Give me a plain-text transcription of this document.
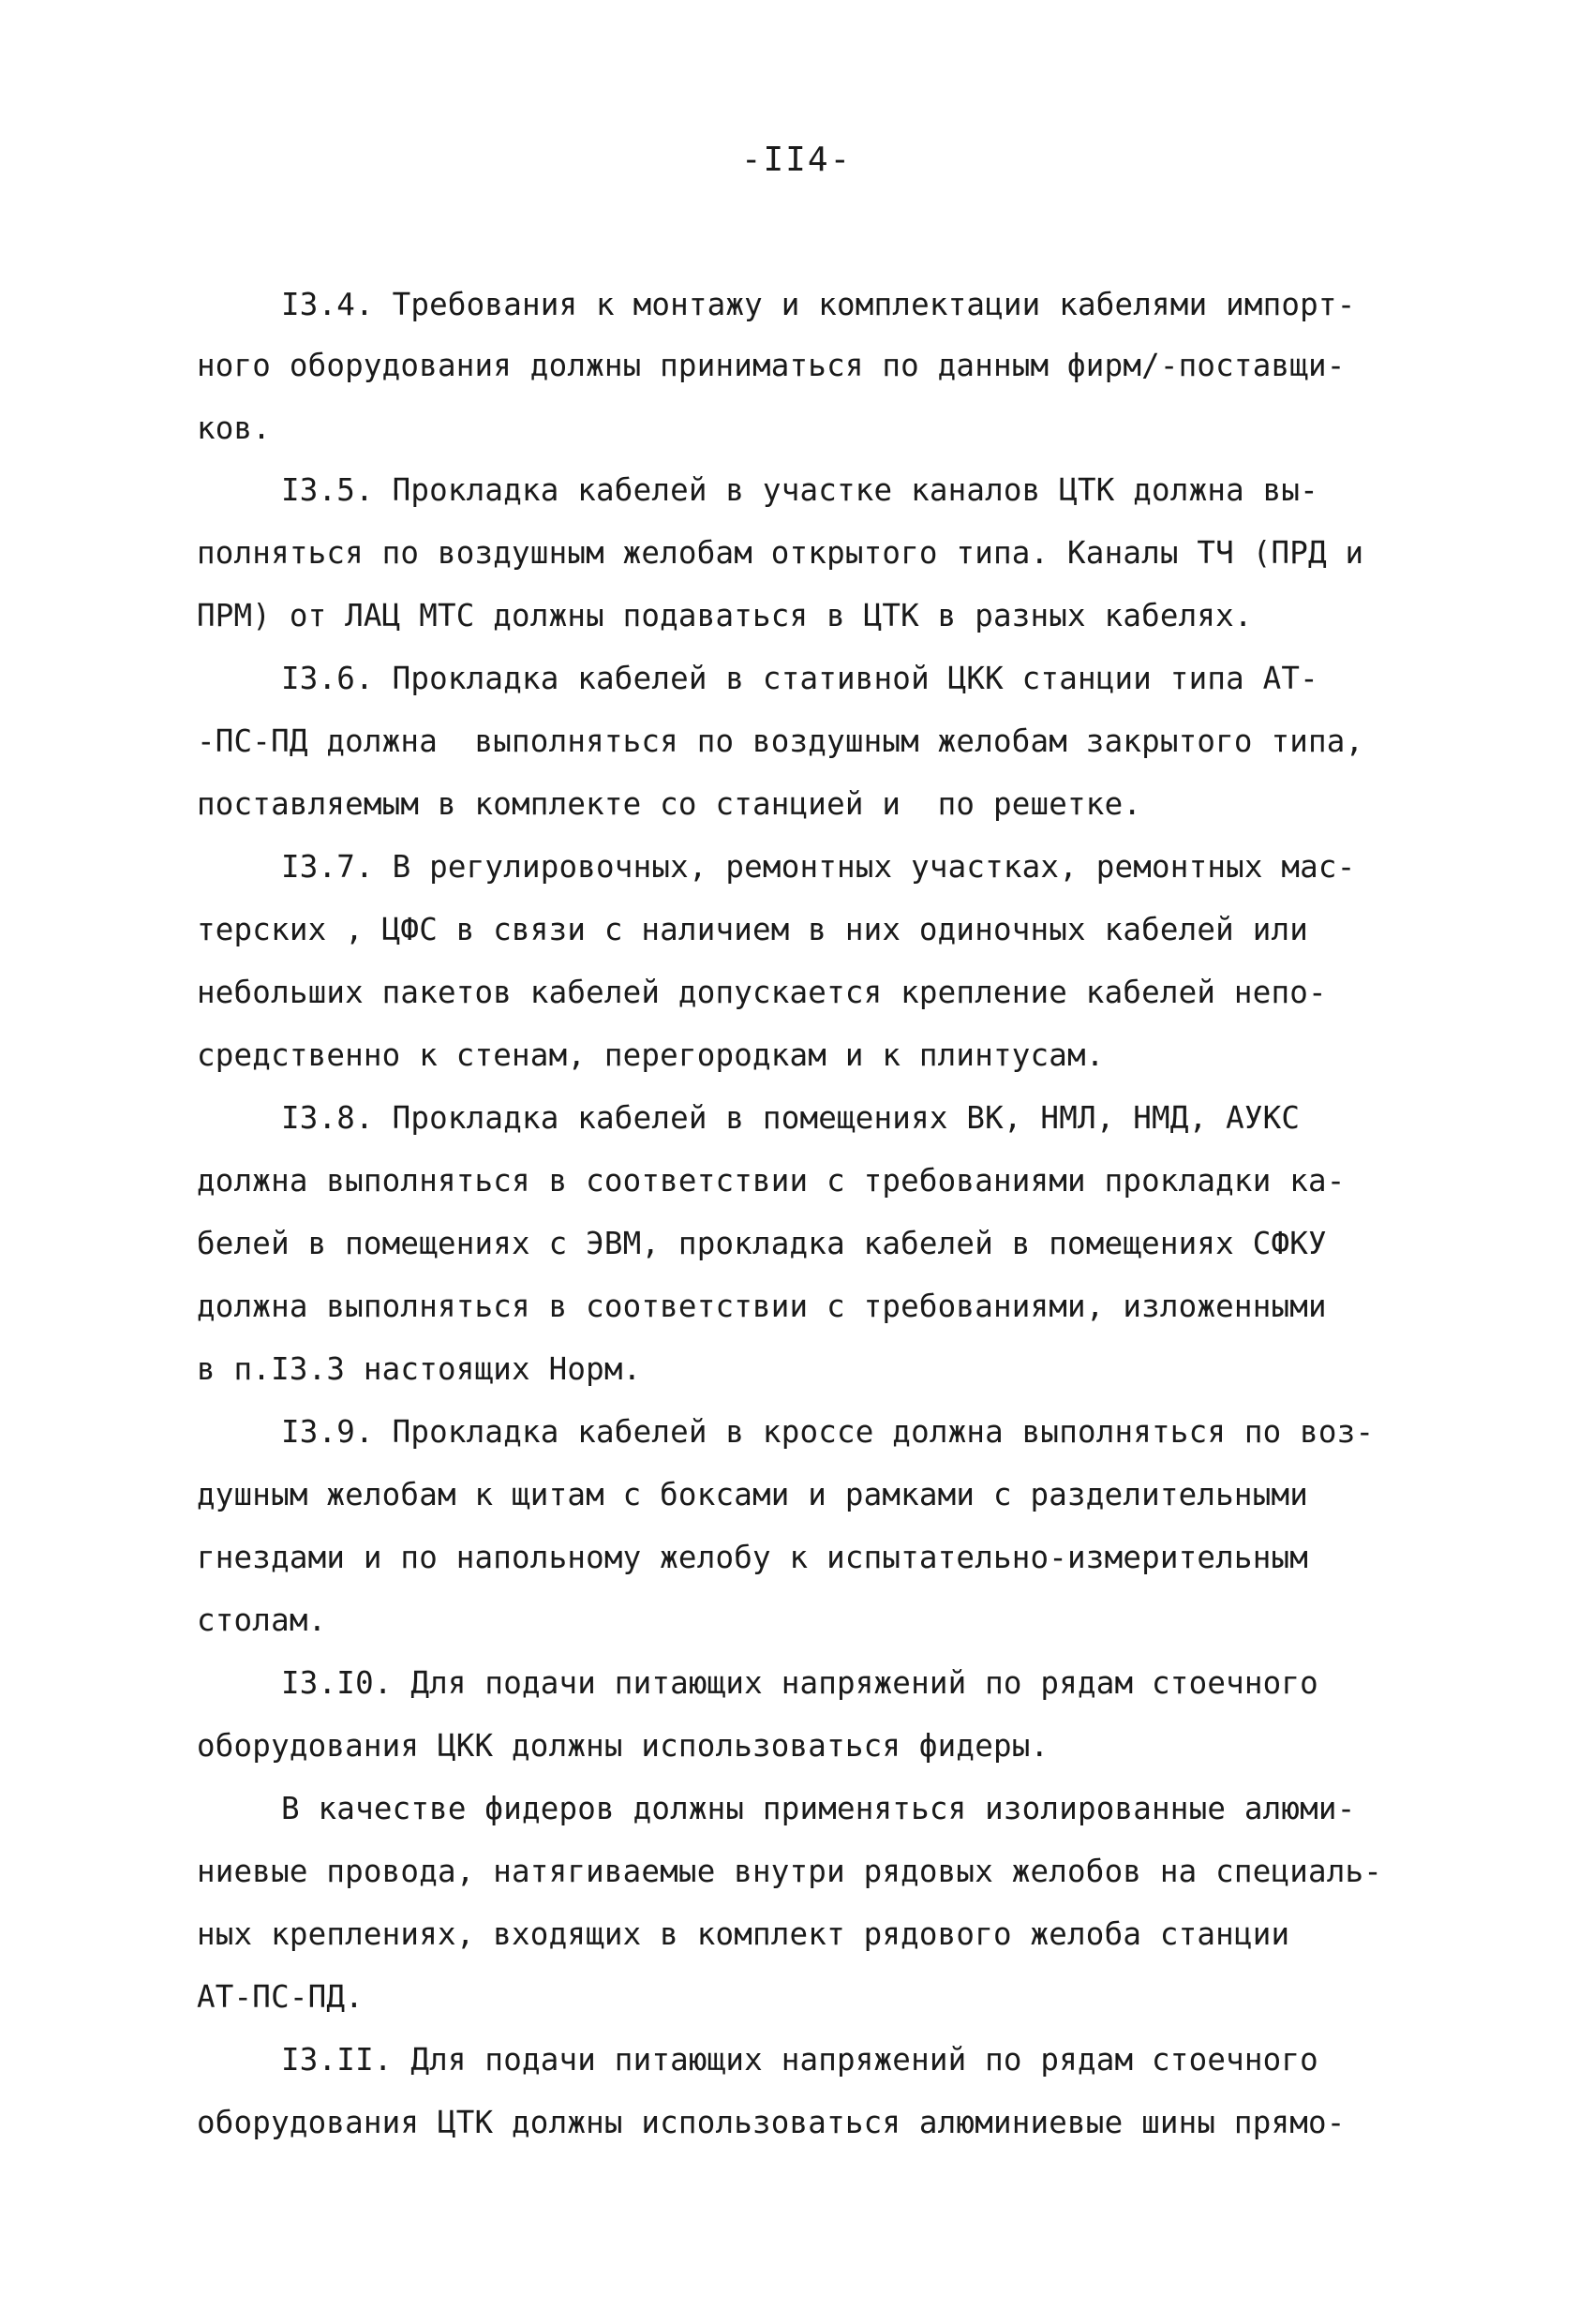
-II4-
I3.4. Требования к монтажу и комплектации кабелями импорт-
ного оборудования должны приниматься по данным фирм/-поставщи-
ков.
I3.5. Прокладка кабелей в участке каналов ЦТК должна вы-
полняться по воздушным желобам открытого типа. Каналы ТЧ (ПРД и
ПРМ) от ЛАЦ МТС должны подаваться в ЦТК в разных кабелях.
I3.6. Прокладка кабелей в стативной ЦКК станции типа АТ-
-ПС-ПД должна  выполняться по воздушным желобам закрытого типа,
поставляемым в комплекте со станцией и  по решетке.
I3.7. В регулировочных, ремонтных участках, ремонтных мас-
терских , ЦФС в связи с наличием в них одиночных кабелей или
небольших пакетов кабелей допускается крепление кабелей непо-
средственно к стенам, перегородкам и к плинтусам.
I3.8. Прокладка кабелей в помещениях ВК, НМЛ, НМД, АУКС
должна выполняться в соответствии с требованиями прокладки ка-
белей в помещениях с ЭВМ, прокладка кабелей в помещениях СФКУ
должна выполняться в соответствии с требованиями, изложенными
в п.I3.3 настоящих Норм.
I3.9. Прокладка кабелей в кроссе должна выполняться по воз-
душным желобам к щитам с боксами и рамками с разделительными
гнездами и по напольному желобу к испытательно-измерительным
столам.
I3.I0. Для подачи питающих напряжений по рядам стоечного
оборудования ЦКК должны использоваться фидеры.
В качестве фидеров должны применяться изолированные алюми-
ниевые провода, натягиваемые внутри рядовых желобов на специаль-
ных креплениях, входящих в комплект рядового желоба станции
АТ-ПС-ПД.
I3.II. Для подачи питающих напряжений по рядам стоечного
оборудования ЦТК должны использоваться алюминиевые шины прямо-
